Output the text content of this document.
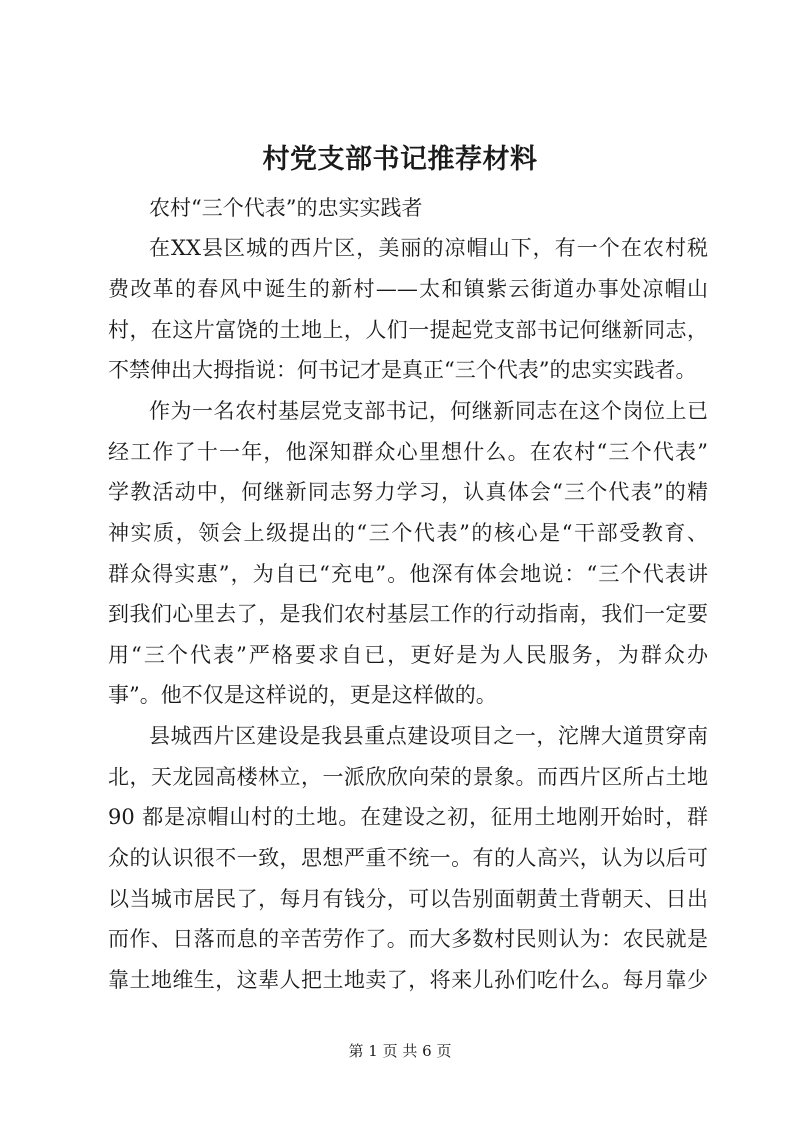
村党支部书记推荐材料
农村“三个代表”的忠实实践者
在XX县区城的西片区，美丽的凉帽山下，有一个在农村税
费改革的春风中诞生的新村——太和镇紫云街道办事处凉帽山
村，在这片富饶的土地上，人们一提起党支部书记何继新同志，
不禁伸出大拇指说：何书记才是真正“三个代表”的忠实实践者。
作为一名农村基层党支部书记，何继新同志在这个岗位上已
经工作了十一年，他深知群众心里想什么。在农村“三个代表”
学教活动中，何继新同志努力学习，认真体会“三个代表”的精
神实质，领会上级提出的“三个代表”的核心是“干部受教育、
群众得实惠”，为自已“充电”。他深有体会地说：“三个代表讲
到我们心里去了，是我们农村基层工作的行动指南，我们一定要
用“三个代表”严格要求自已，更好是为人民服务，为群众办
事”。他不仅是这样说的，更是这样做的。
县城西片区建设是我县重点建设项目之一，沱牌大道贯穿南
北，天龙园高楼林立，一派欣欣向荣的景象。而西片区所占土地
90 都是凉帽山村的土地。在建设之初，征用土地刚开始时，群
众的认识很不一致，思想严重不统一。有的人高兴，认为以后可
以当城市居民了，每月有钱分，可以告别面朝黄土背朝天、日出
而作、日落而息的辛苦劳作了。而大多数村民则认为：农民就是
靠土地维生，这辈人把土地卖了，将来儿孙们吃什么。每月靠少
第 1 页 共 6 页
